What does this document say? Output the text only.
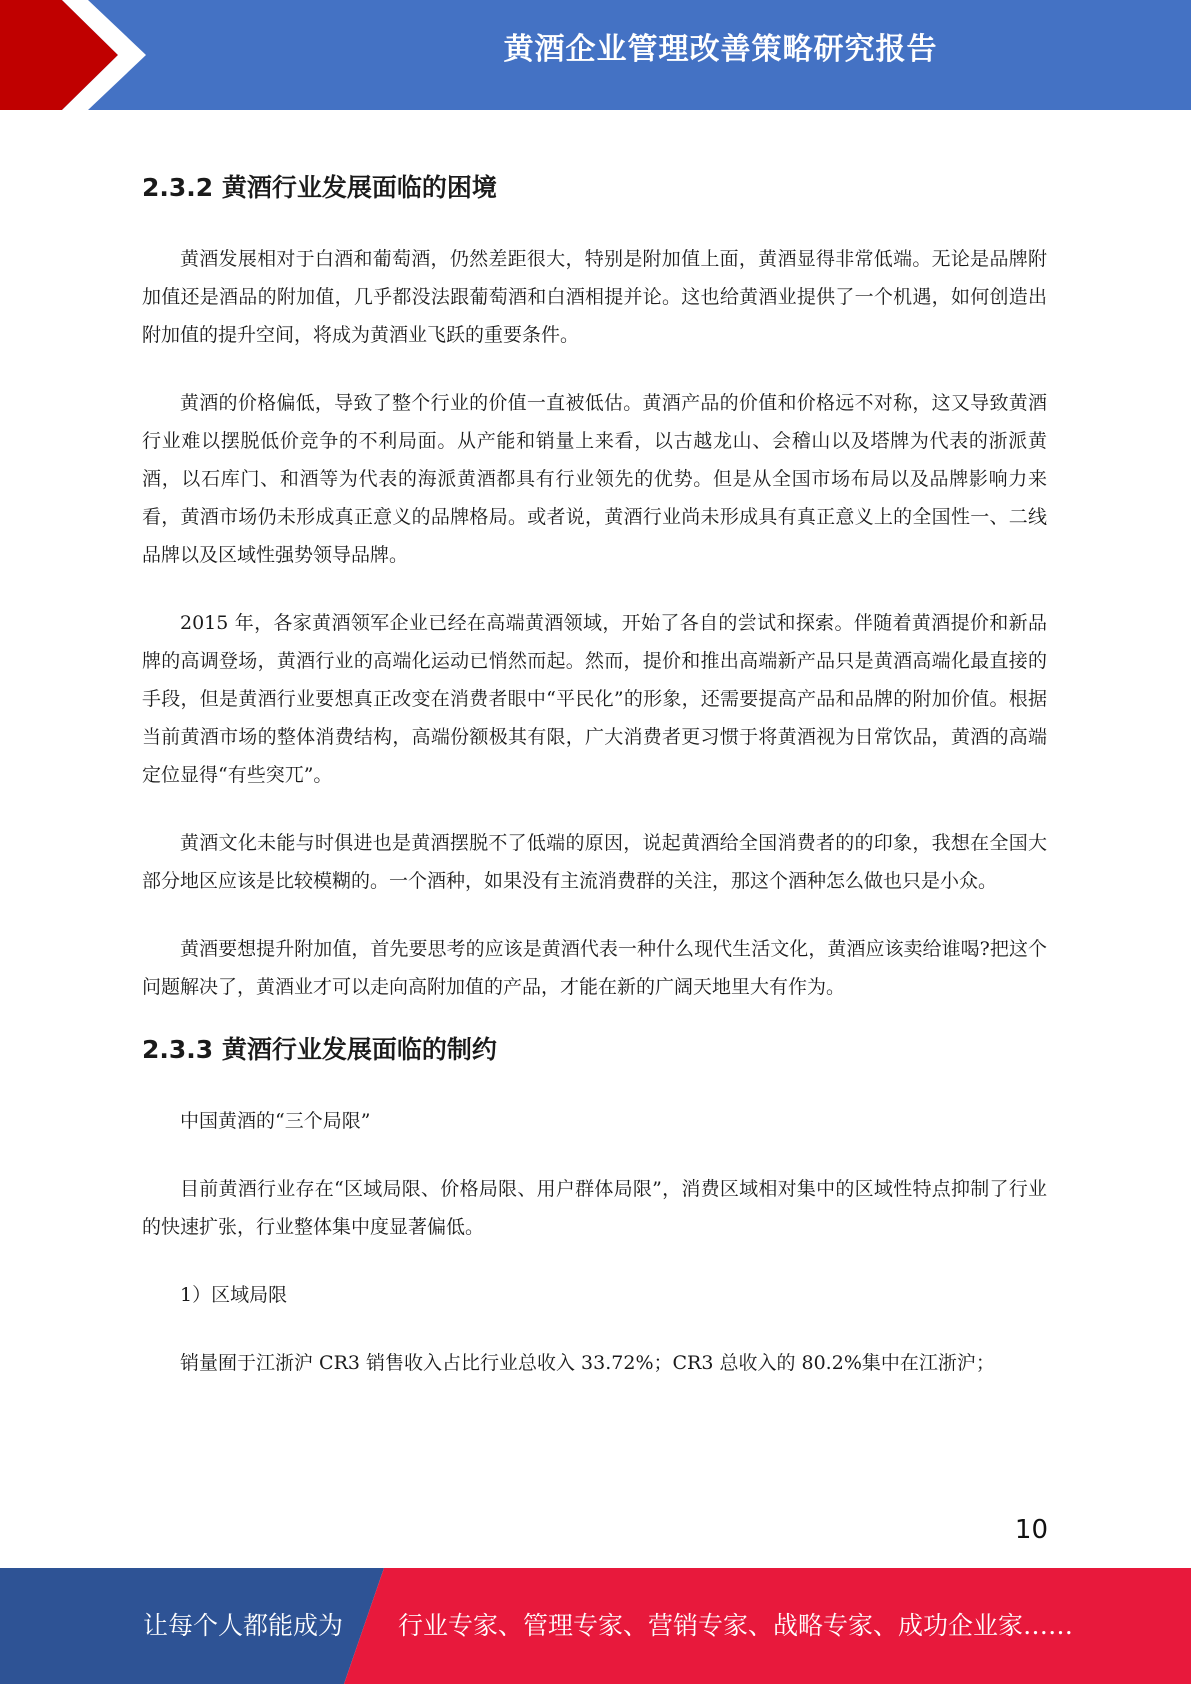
黄酒企业管理改善策略研究报告
2.3.2 黄酒行业发展面临的困境

黄酒发展相对于白酒和葡萄酒，仍然差距很大，特别是附加值上面，黄酒显得非常低端。无论是品牌附加值还是酒品的附加值，几乎都没法跟葡萄酒和白酒相提并论。这也给黄酒业提供了一个机遇，如何创造出附加值的提升空间，将成为黄酒业飞跃的重要条件。

黄酒的价格偏低，导致了整个行业的价值一直被低估。黄酒产品的价值和价格远不对称，这又导致黄酒行业难以摆脱低价竞争的不利局面。从产能和销量上来看，以古越龙山、会稽山以及塔牌为代表的浙派黄酒，以石库门、和酒等为代表的海派黄酒都具有行业领先的优势。但是从全国市场布局以及品牌影响力来看，黄酒市场仍未形成真正意义的品牌格局。或者说，黄酒行业尚未形成具有真正意义上的全国性一、二线品牌以及区域性强势领导品牌。

2015 年，各家黄酒领军企业已经在高端黄酒领域，开始了各自的尝试和探索。伴随着黄酒提价和新品牌的高调登场，黄酒行业的高端化运动已悄然而起。然而，提价和推出高端新产品只是黄酒高端化最直接的手段，但是黄酒行业要想真正改变在消费者眼中“平民化”的形象，还需要提高产品和品牌的附加价值。根据当前黄酒市场的整体消费结构，高端份额极其有限，广大消费者更习惯于将黄酒视为日常饮品，黄酒的高端定位显得“有些突兀”。

黄酒文化未能与时俱进也是黄酒摆脱不了低端的原因，说起黄酒给全国消费者的的印象，我想在全国大部分地区应该是比较模糊的。一个酒种，如果没有主流消费群的关注，那这个酒种怎么做也只是小众。

黄酒要想提升附加值，首先要思考的应该是黄酒代表一种什么现代生活文化，黄酒应该卖给谁喝?把这个问题解决了，黄酒业才可以走向高附加值的产品，才能在新的广阔天地里大有作为。

2.3.3 黄酒行业发展面临的制约

中国黄酒的“三个局限”

目前黄酒行业存在“区域局限、价格局限、用户群体局限”，消费区域相对集中的区域性特点抑制了行业的快速扩张，行业整体集中度显著偏低。

1）区域局限

销量囿于江浙沪 CR3 销售收入占比行业总收入 33.72%；CR3 总收入的 80.2%集中在江浙沪；

10
让每个人都能成为 行业专家、管理专家、营销专家、战略专家、成功企业家……
